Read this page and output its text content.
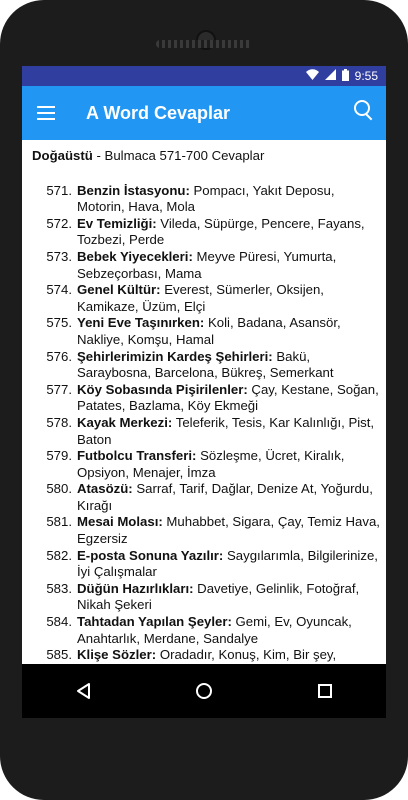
9:55
A Word Cevaplar
Doğaüstü - Bulmaca 571-700 Cevaplar
571. Benzin İstasyonu: Pompacı, Yakıt Deposu, Motorin, Hava, Mola
572. Ev Temizliği: Vileda, Süpürge, Pencere, Fayans, Tozbezi, Perde
573. Bebek Yiyecekleri: Meyve Püresi, Yumurta, Sebzeçorbası, Mama
574. Genel Kültür: Everest, Sümerler, Oksijen, Kamikaze, Üzüm, Elçi
575. Yeni Eve Taşınırken: Koli, Badana, Asansör, Nakliye, Komşu, Hamal
576. Şehirlerimizin Kardeş Şehirleri: Bakü, Saraybosna, Barcelona, Bükreş, Semerkant
577. Köy Sobasında Pişirilenler: Çay, Kestane, Soğan, Patates, Bazlama, Köy Ekmeği
578. Kayak Merkezi: Teleferik, Tesis, Kar Kalınlığı, Pist, Baton
579. Futbolcu Transferi: Sözleşme, Ücret, Kiralık, Opsiyon, Menajer, İmza
580. Atasözü: Sarraf, Tarif, Dağlar, Denize At, Yoğurdu, Kırağı
581. Mesai Molası: Muhabbet, Sigara, Çay, Temiz Hava, Egzersiz
582. E-posta Sonuna Yazılır: Saygılarımla, Bilgilerinize, İyi Çalışmalar
583. Düğün Hazırlıkları: Davetiye, Gelinlik, Fotoğraf, Nikah Şekeri
584. Tahtadan Yapılan Şeyler: Gemi, Ev, Oyuncak, Anahtarlık, Merdane, Sandalye
585. Klişe Sözler: Oradadır, Konuş, Kim, Bir şey,
